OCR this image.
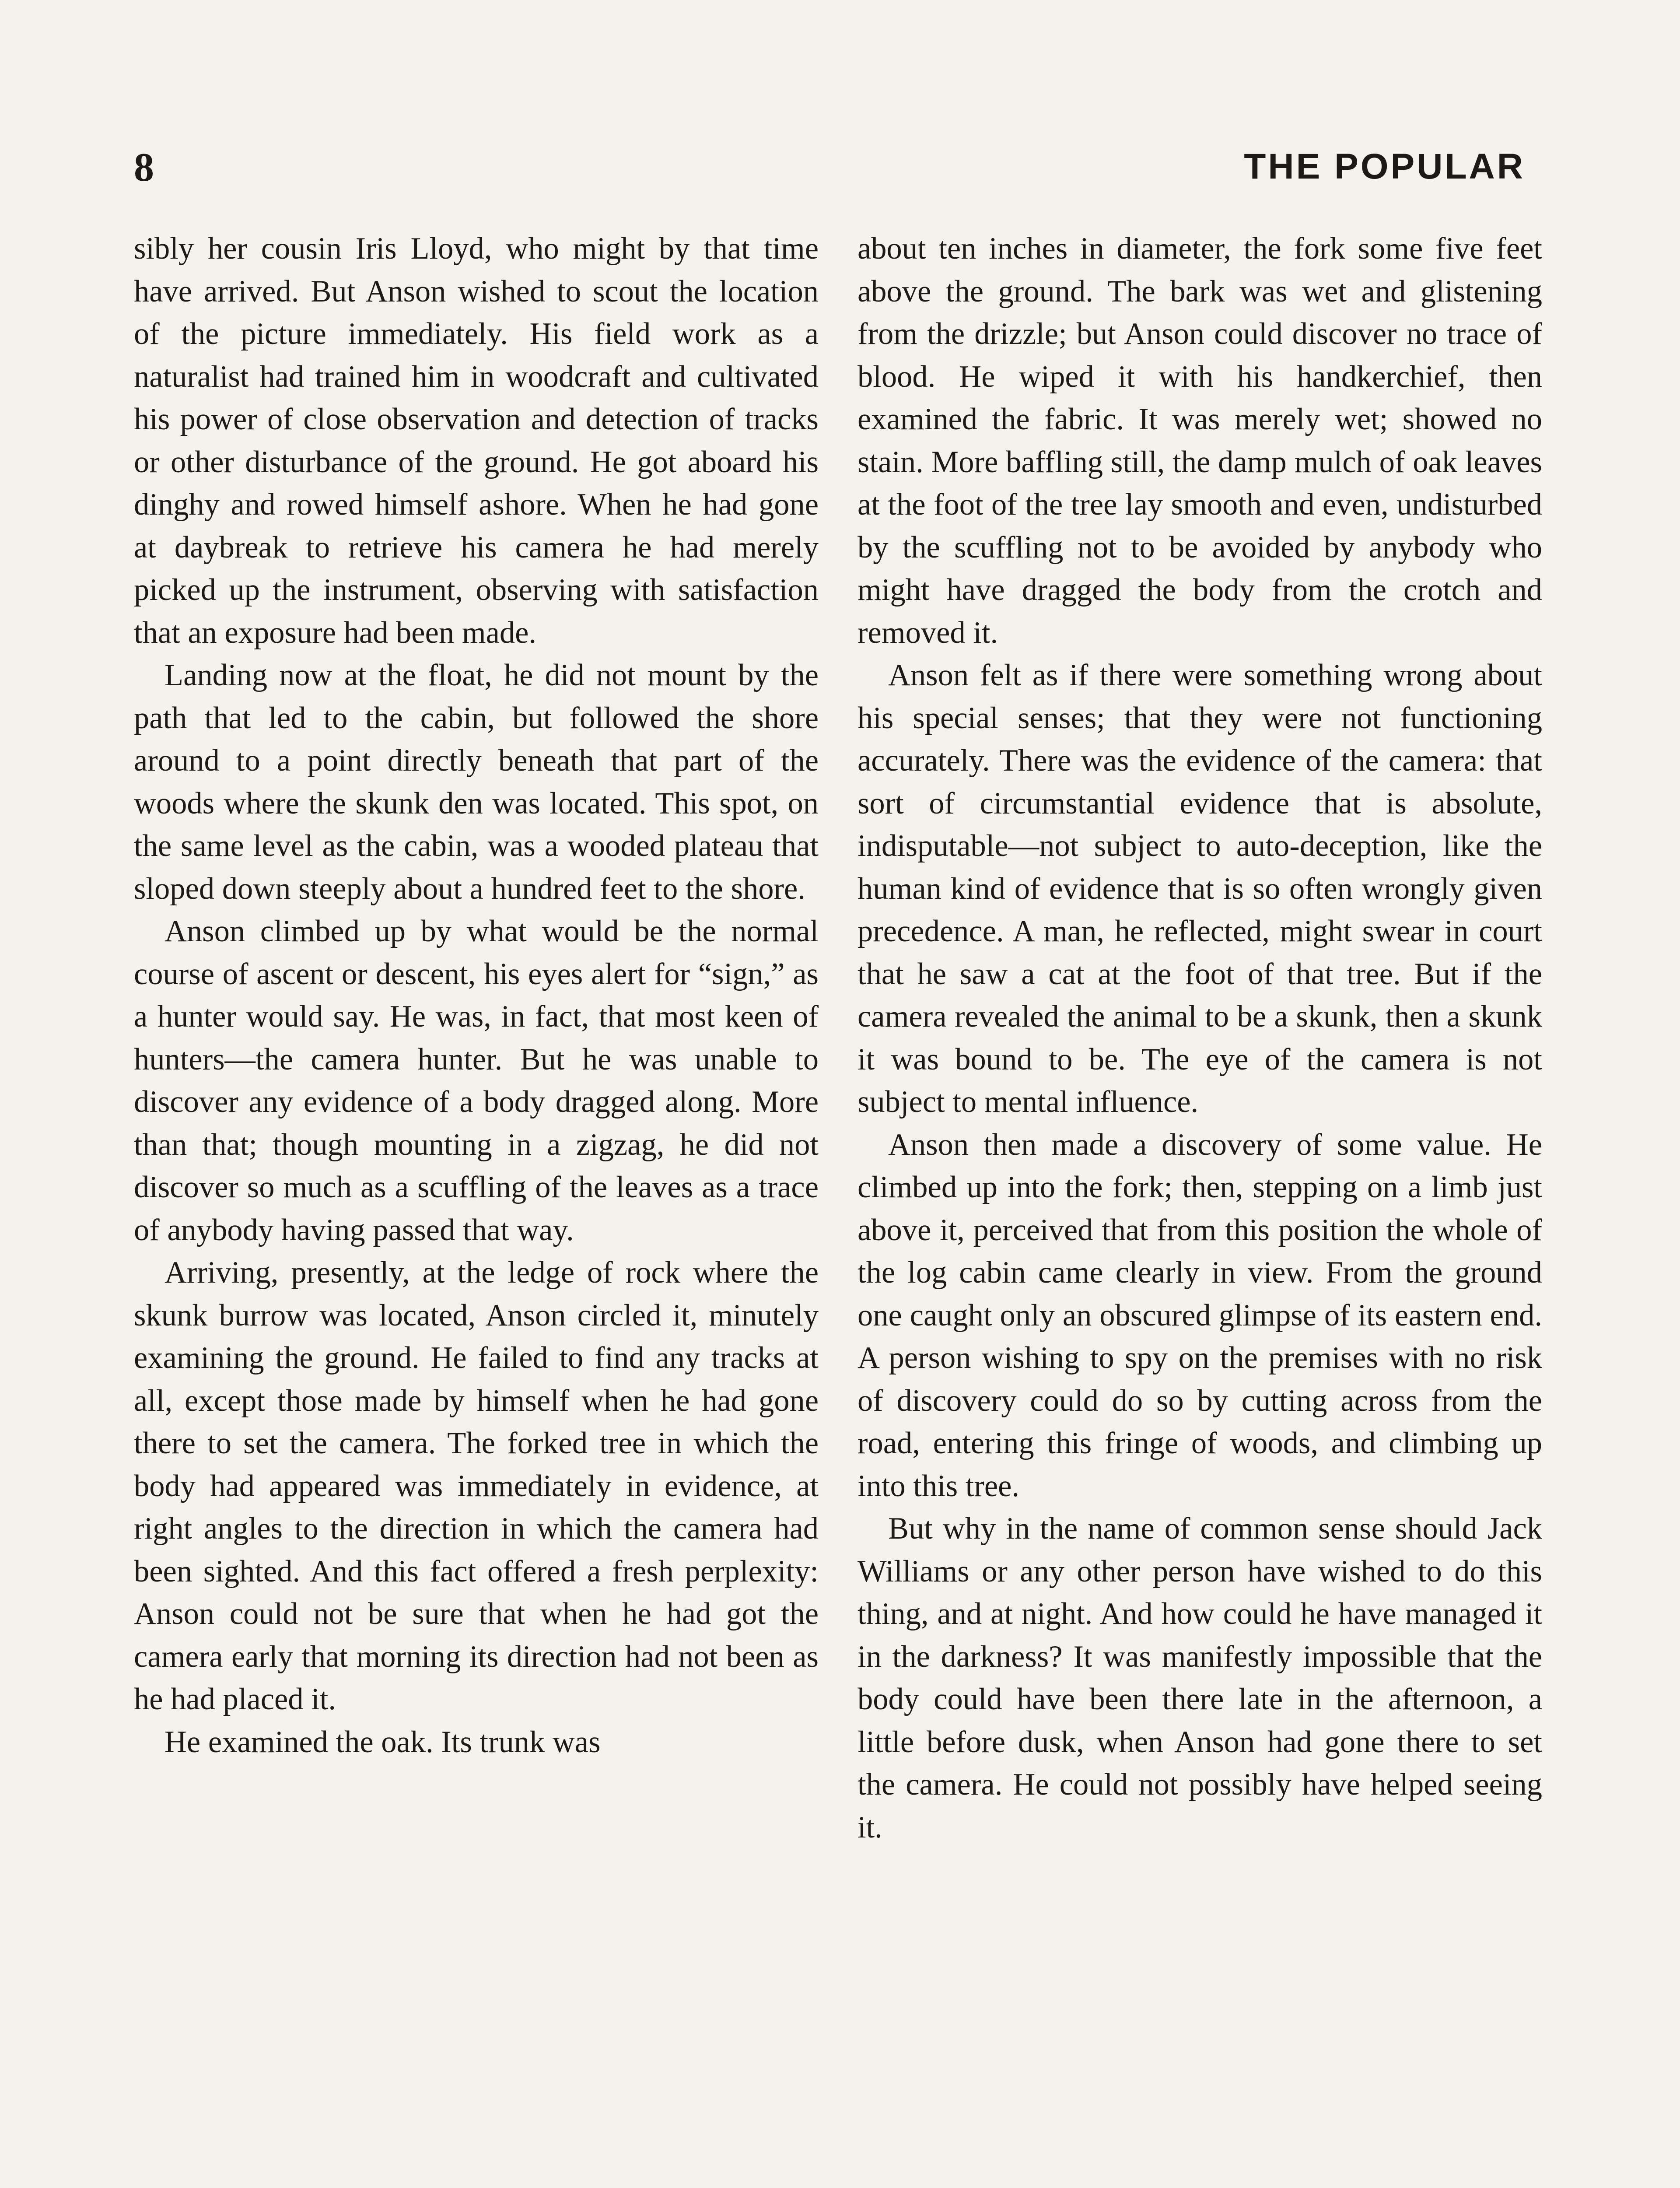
8	THE POPULAR

sibly her cousin Iris Lloyd, who might by that time have arrived. But Anson wished to scout the location of the picture immediately. His field work as a naturalist had trained him in woodcraft and cultivated his power of close observation and detection of tracks or other disturbance of the ground. He got aboard his dinghy and rowed himself ashore. When he had gone at daybreak to retrieve his camera he had merely picked up the instrument, observing with satisfaction that an exposure had been made.

Landing now at the float, he did not mount by the path that led to the cabin, but followed the shore around to a point directly beneath that part of the woods where the skunk den was located. This spot, on the same level as the cabin, was a wooded plateau that sloped down steeply about a hundred feet to the shore.

Anson climbed up by what would be the normal course of ascent or descent, his eyes alert for “sign,” as a hunter would say. He was, in fact, that most keen of hunters—the camera hunter. But he was unable to discover any evidence of a body dragged along. More than that; though mounting in a zigzag, he did not discover so much as a scuffling of the leaves as a trace of anybody having passed that way.

Arriving, presently, at the ledge of rock where the skunk burrow was located, Anson circled it, minutely examining the ground. He failed to find any tracks at all, except those made by himself when he had gone there to set the camera. The forked tree in which the body had appeared was immediately in evidence, at right angles to the direction in which the camera had been sighted. And this fact offered a fresh perplexity: Anson could not be sure that when he had got the camera early that morning its direction had not been as he had placed it.

He examined the oak. Its trunk was

about ten inches in diameter, the fork some five feet above the ground. The bark was wet and glistening from the drizzle; but Anson could discover no trace of blood. He wiped it with his handkerchief, then examined the fabric. It was merely wet; showed no stain. More baffling still, the damp mulch of oak leaves at the foot of the tree lay smooth and even, undisturbed by the scuffling not to be avoided by anybody who might have dragged the body from the crotch and removed it.

Anson felt as if there were something wrong about his special senses; that they were not functioning accurately. There was the evidence of the camera: that sort of circumstantial evidence that is absolute, indisputable—not subject to auto-deception, like the human kind of evidence that is so often wrongly given precedence. A man, he reflected, might swear in court that he saw a cat at the foot of that tree. But if the camera revealed the animal to be a skunk, then a skunk it was bound to be. The eye of the camera is not subject to mental influence.

Anson then made a discovery of some value. He climbed up into the fork; then, stepping on a limb just above it, perceived that from this position the whole of the log cabin came clearly in view. From the ground one caught only an obscured glimpse of its eastern end. A person wishing to spy on the premises with no risk of discovery could do so by cutting across from the road, entering this fringe of woods, and climbing up into this tree.

But why in the name of common sense should Jack Williams or any other person have wished to do this thing, and at night. And how could he have managed it in the darkness? It was manifestly impossible that the body could have been there late in the afternoon, a little before dusk, when Anson had gone there to set the camera. He could not possibly have helped seeing it.
